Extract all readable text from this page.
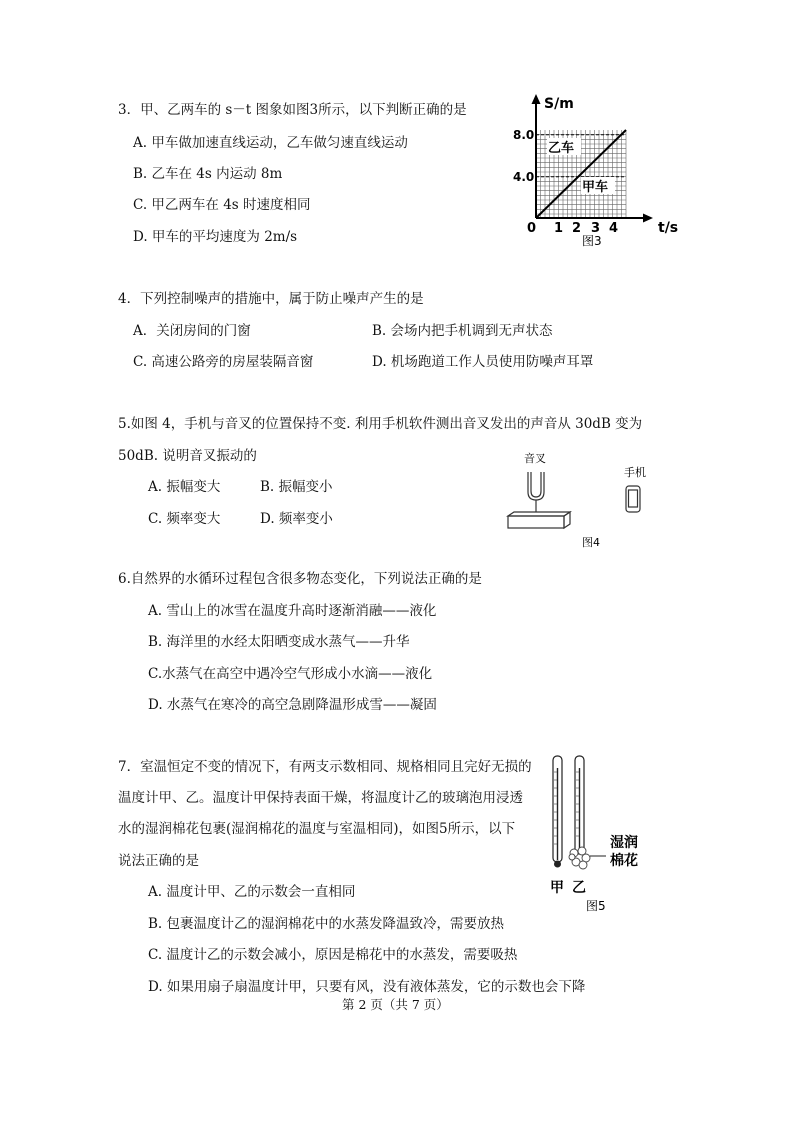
3．甲、乙两车的 s－t 图象如图3所示，以下判断正确的是
A. 甲车做加速直线运动，乙车做匀速直线运动
B. 乙车在 4s 内运动 8m
C. 甲乙两车在 4s 时速度相同
D. 甲车的平均速度为 2m/s
S/m
t/s
8.0
4.0
0 1 2 3 4
乙车
甲车
图3
4．下列控制噪声的措施中，属于防止噪声产生的是
A．关闭房间的门窗	B. 会场内把手机调到无声状态
C. 高速公路旁的房屋装隔音窗	D. 机场跑道工作人员使用防噪声耳罩
5.如图 4，手机与音叉的位置保持不变. 利用手机软件测出音叉发出的声音从 30dB 变为
50dB. 说明音叉振动的
A. 振幅变大	B. 振幅变小
C. 频率变大	D. 频率变小
音叉
手机
图4
6.自然界的水循环过程包含很多物态变化，下列说法正确的是
A. 雪山上的冰雪在温度升高时逐渐消融——液化
B. 海洋里的水经太阳晒变成水蒸气——升华
C.水蒸气在高空中遇冷空气形成小水滴——液化
D. 水蒸气在寒冷的高空急剧降温形成雪——凝固
7．室温恒定不变的情况下，有两支示数相同、规格相同且完好无损的
温度计甲、乙。温度计甲保持表面干燥，将温度计乙的玻璃泡用浸透
水的湿润棉花包裹(湿润棉花的温度与室温相同)，如图5所示，以下
说法正确的是
A. 温度计甲、乙的示数会一直相同
B. 包裹温度计乙的湿润棉花中的水蒸发降温致冷，需要放热
C. 温度计乙的示数会减小，原因是棉花中的水蒸发，需要吸热
D. 如果用扇子扇温度计甲，只要有风，没有液体蒸发，它的示数也会下降
湿润
棉花
甲 乙
图5
第 2 页（共 7 页）
